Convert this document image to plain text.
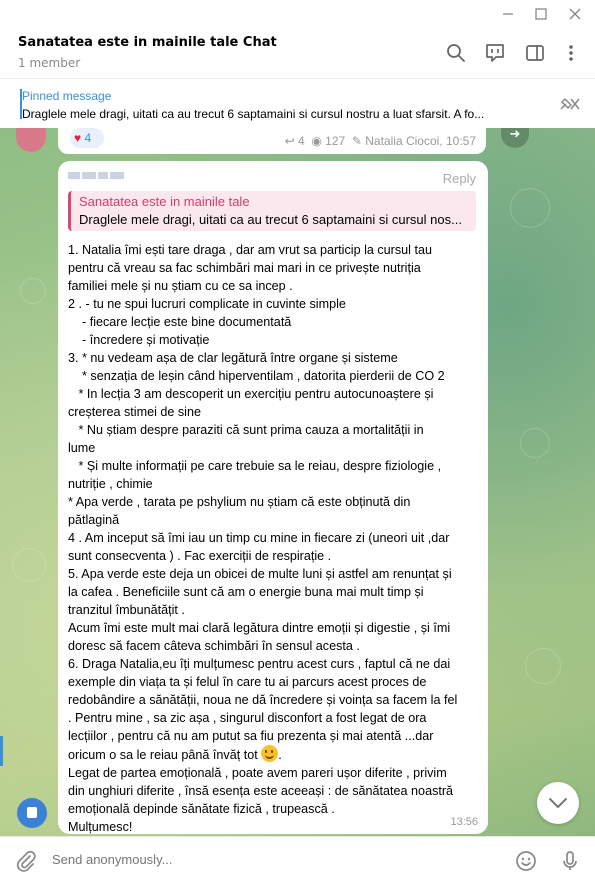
Sanatatea este in mainile tale Chat
1 member
Pinned message
Draglele mele dragi, uitati ca au trecut 6 saptamaini si cursul nostru a luat sfarsit. A fo...
♥ 4	↩ 4 ◉ 127 ✎ Natalia Ciocoi, 10:57	➜
Reply
Sanatatea este in mainile tale
Draglele mele dragi, uitati ca au trecut 6 saptamaini si cursul nos...
1. Natalia îmi ești tare draga , dar am vrut sa particip la cursul tau
pentru că vreau sa fac schimbări mai mari in ce privește nutriția
familiei mele și nu știam cu ce sa incep .
2 . - tu ne spui lucruri complicate in cuvinte simple
- fiecare lecție este bine documentată
- încredere și motivație
3. * nu vedeam așa de clar legătură între organe și sisteme
* senzația de leșin când hiperventilam , datorita pierderii de CO 2
* In lecția 3 am descoperit un exercițiu pentru autocunoaștere și
creșterea stimei de sine
* Nu știam despre paraziti că sunt prima cauza a mortalității in
lume
* Și multe informații pe care trebuie sa le reiau, despre fiziologie ,
nutriție , chimie
* Apa verde , tarata pe pshylium nu știam că este obținută din
pătlagină
4 . Am inceput să îmi iau un timp cu mine in fiecare zi (uneori uit ,dar
sunt consecventa ) . Fac exerciții de respirație .
5. Apa verde este deja un obicei de multe luni și astfel am renunțat și
la cafea . Beneficiile sunt că am o energie buna mai mult timp și
tranzitul îmbunătățit .
Acum îmi este mult mai clară legătura dintre emoții și digestie , și îmi
doresc să facem câteva schimbări în sensul acesta .
6. Draga Natalia,eu îți mulțumesc pentru acest curs , faptul că ne dai
exemple din viața ta și felul în care tu ai parcurs acest proces de
redobândire a sănătății, noua ne dă încredere și voința sa facem la fel
. Pentru mine , sa zic așa , singurul disconfort a fost legat de ora
lecțiilor , pentru că nu am putut sa fiu prezenta și mai atentă ...dar
oricum o sa le reiau până învăț tot .
Legat de partea emoțională , poate avem pareri ușor diferite , privim
din unghiuri diferite , însă esența este aceeași : de sănătatea noastră
emoțională depinde sănătate fizică , trupească .
Mulțumesc!	13:56
Send anonymously...
